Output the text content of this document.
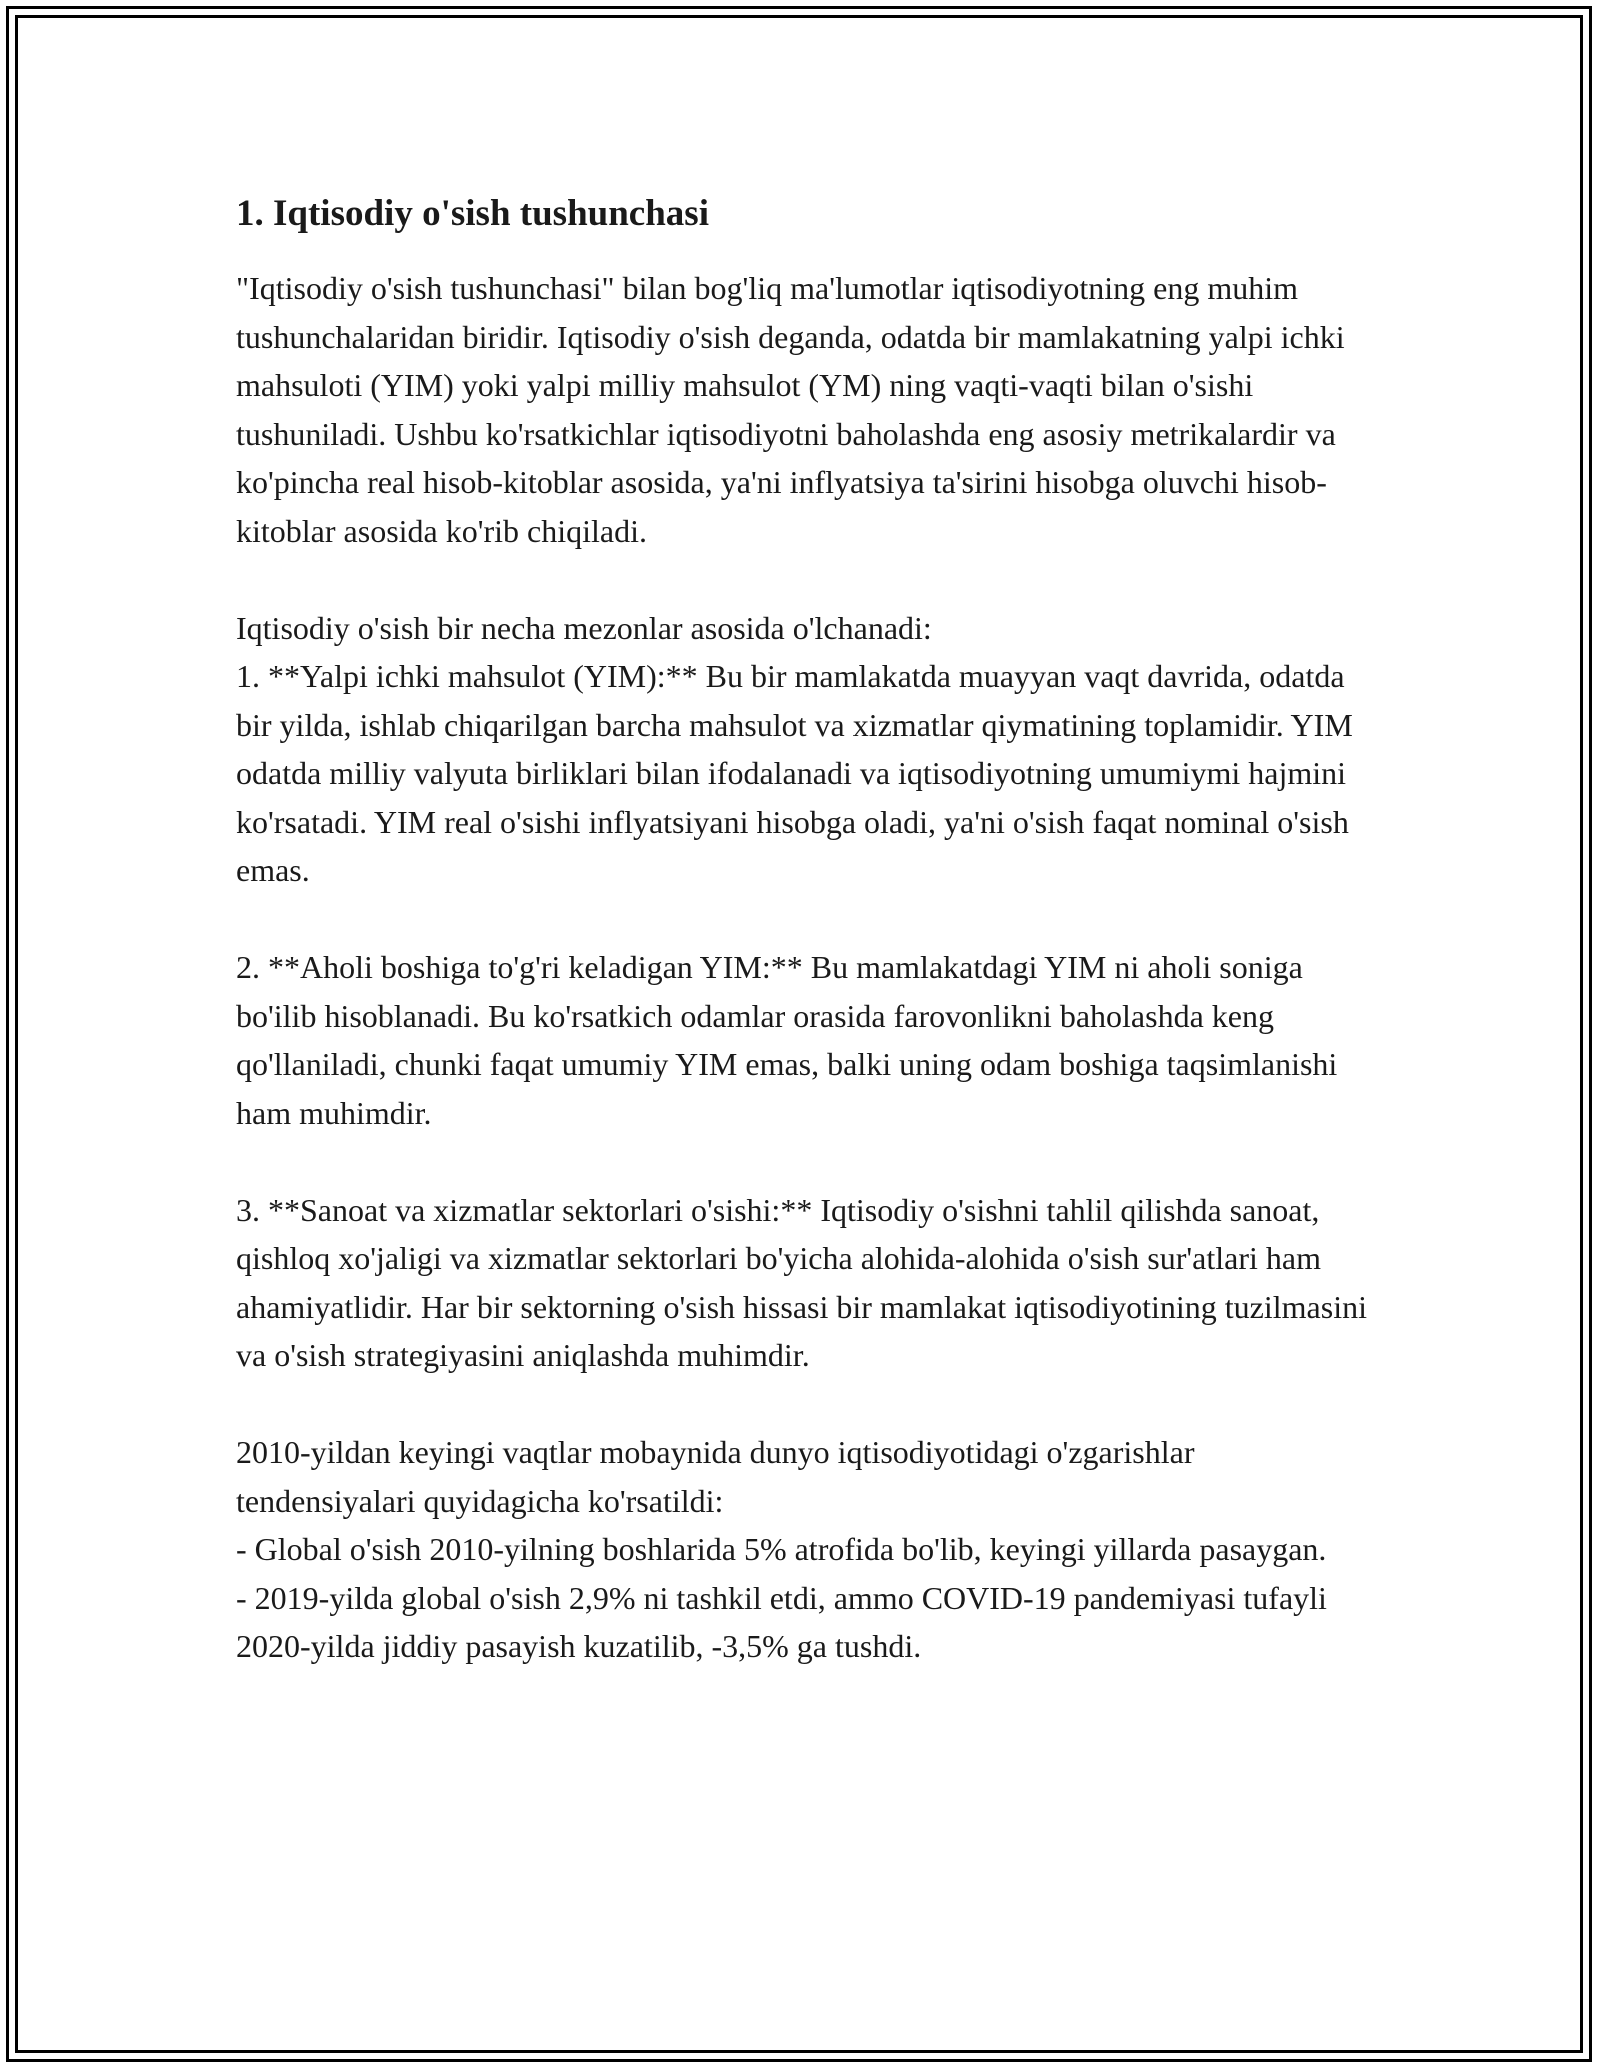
1. Iqtisodiy o'sish tushunchasi

"Iqtisodiy o'sish tushunchasi" bilan bog'liq ma'lumotlar iqtisodiyotning eng muhim tushunchalaridan biridir. Iqtisodiy o'sish deganda, odatda bir mamlakatning yalpi ichki mahsuloti (YIM) yoki yalpi milliy mahsulot (YM) ning vaqti-vaqti bilan o'sishi tushuniladi. Ushbu ko'rsatkichlar iqtisodiyotni baholashda eng asosiy metrikalardir va ko'pincha real hisob-kitoblar asosida, ya'ni inflyatsiya ta'sirini hisobga oluvchi hisob-kitoblar asosida ko'rib chiqiladi.

Iqtisodiy o'sish bir necha mezonlar asosida o'lchanadi:

1. **Yalpi ichki mahsulot (YIM):** Bu bir mamlakatda muayyan vaqt davrida, odatda bir yilda, ishlab chiqarilgan barcha mahsulot va xizmatlar qiymatining toplamidir. YIM odatda milliy valyuta birliklari bilan ifodalanadi va iqtisodiyotning umumiymi hajmini ko'rsatadi. YIM real o'sishi inflyatsiyani hisobga oladi, ya'ni o'sish faqat nominal o'sish emas.

2. **Aholi boshiga to'g'ri keladigan YIM:** Bu mamlakatdagi YIM ni aholi soniga bo'ilib hisoblanadi. Bu ko'rsatkich odamlar orasida farovonlikni baholashda keng qo'llaniladi, chunki faqat umumiy YIM emas, balki uning odam boshiga taqsimlanishi ham muhimdir.

3. **Sanoat va xizmatlar sektorlari o'sishi:** Iqtisodiy o'sishni tahlil qilishda sanoat, qishloq xo'jaligi va xizmatlar sektorlari bo'yicha alohida-alohida o'sish sur'atlari ham ahamiyatlidir. Har bir sektorning o'sish hissasi bir mamlakat iqtisodiyotining tuzilmasini va o'sish strategiyasini aniqlashda muhimdir.

2010-yildan keyingi vaqtlar mobaynida dunyo iqtisodiyotidagi o'zgarishlar tendensiyalari quyidagicha ko'rsatildi:

- Global o'sish 2010-yilning boshlarida 5% atrofida bo'lib, keyingi yillarda pasaygan.

- 2019-yilda global o'sish 2,9% ni tashkil etdi, ammo COVID-19 pandemiyasi tufayli 2020-yilda jiddiy pasayish kuzatilib, -3,5% ga tushdi.
